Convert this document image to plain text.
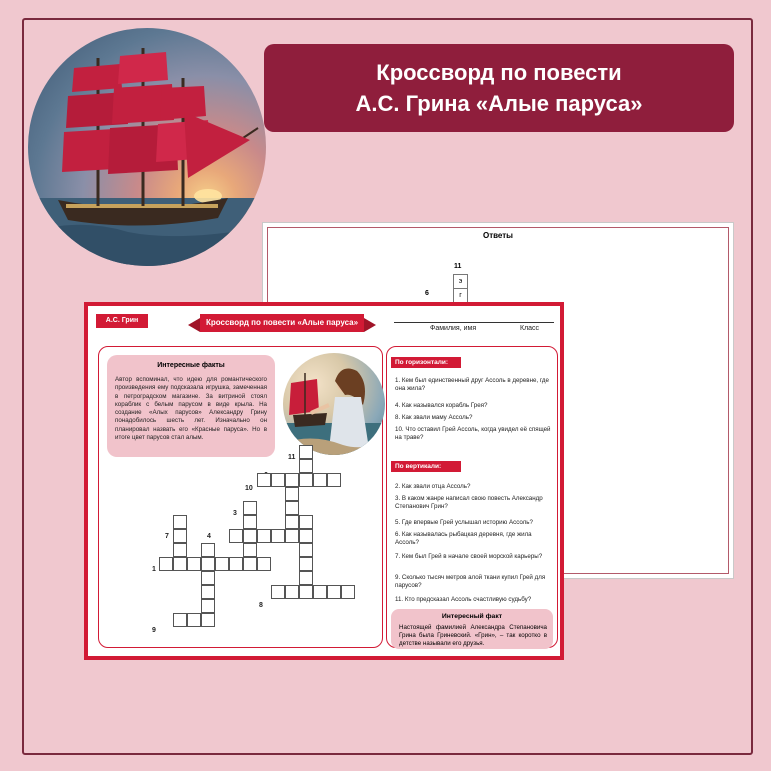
Кроссворд по повести
А.С. Грина «Алые паруса»
Ответы
11
э
г
6
А.С. Грин	Кроссворд по повести «Алые паруса»
Фамилия, имя	Класс
Интересные факты
Автор вспоминал, что идею для романтического произведения ему подсказала игрушка, замеченная в петроградском магазине. За витриной стоял кораблик с белым парусом в виде крыла. На создание «Алых парусов» Александру Грину понадобилось шесть лет. Изначально он планировал назвать его «Красные паруса». Но в итоге цвет парусов стал алым.
11
10
3
7	4
1
8
9
По горизонтали:
1. Кем был единственный друг Ассоль в деревне, где она жила?
4. Как назывался корабль Грея?
8. Как звали маму Ассоль?
10. Что оставил Грей Ассоль, когда увидел её спящей на траве?
По вертикали:
2. Как звали отца Ассоль?
3. В каком жанре написал свою повесть Александр Степанович Грин?
5. Где впервые Грей услышал историю Ассоль?
6. Как называлась рыбацкая деревня, где жила Ассоль?
7. Кем был Грей в начале своей морской карьеры?
9. Сколько тысяч метров алой ткани купил Грей для парусов?
11. Кто предсказал Ассоль счастливую судьбу?
Интересный факт
Настоящей фамилией Александра Степановича Грина была Гриневский. «Грин», – так коротко в детстве называли его друзья.
